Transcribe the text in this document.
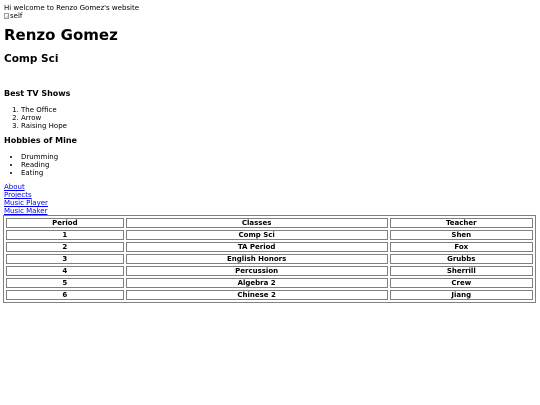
Hi welcome to Renzo Gomez's website
self
Renzo Gomez
Comp Sci
Best TV Shows
1. The Office
2. Arrow
3. Raising Hope
Hobbies of Mine
• Drumming
• Reading
• Eating
About
Projects
Music Player
Music Maker
Period	Classes	Teacher
1	Comp Sci	Shen
2	TA Period	Fox
3	English Honors	Grubbs
4	Percussion	Sherrill
5	Algebra 2	Crew
6	Chinese 2	Jiang
